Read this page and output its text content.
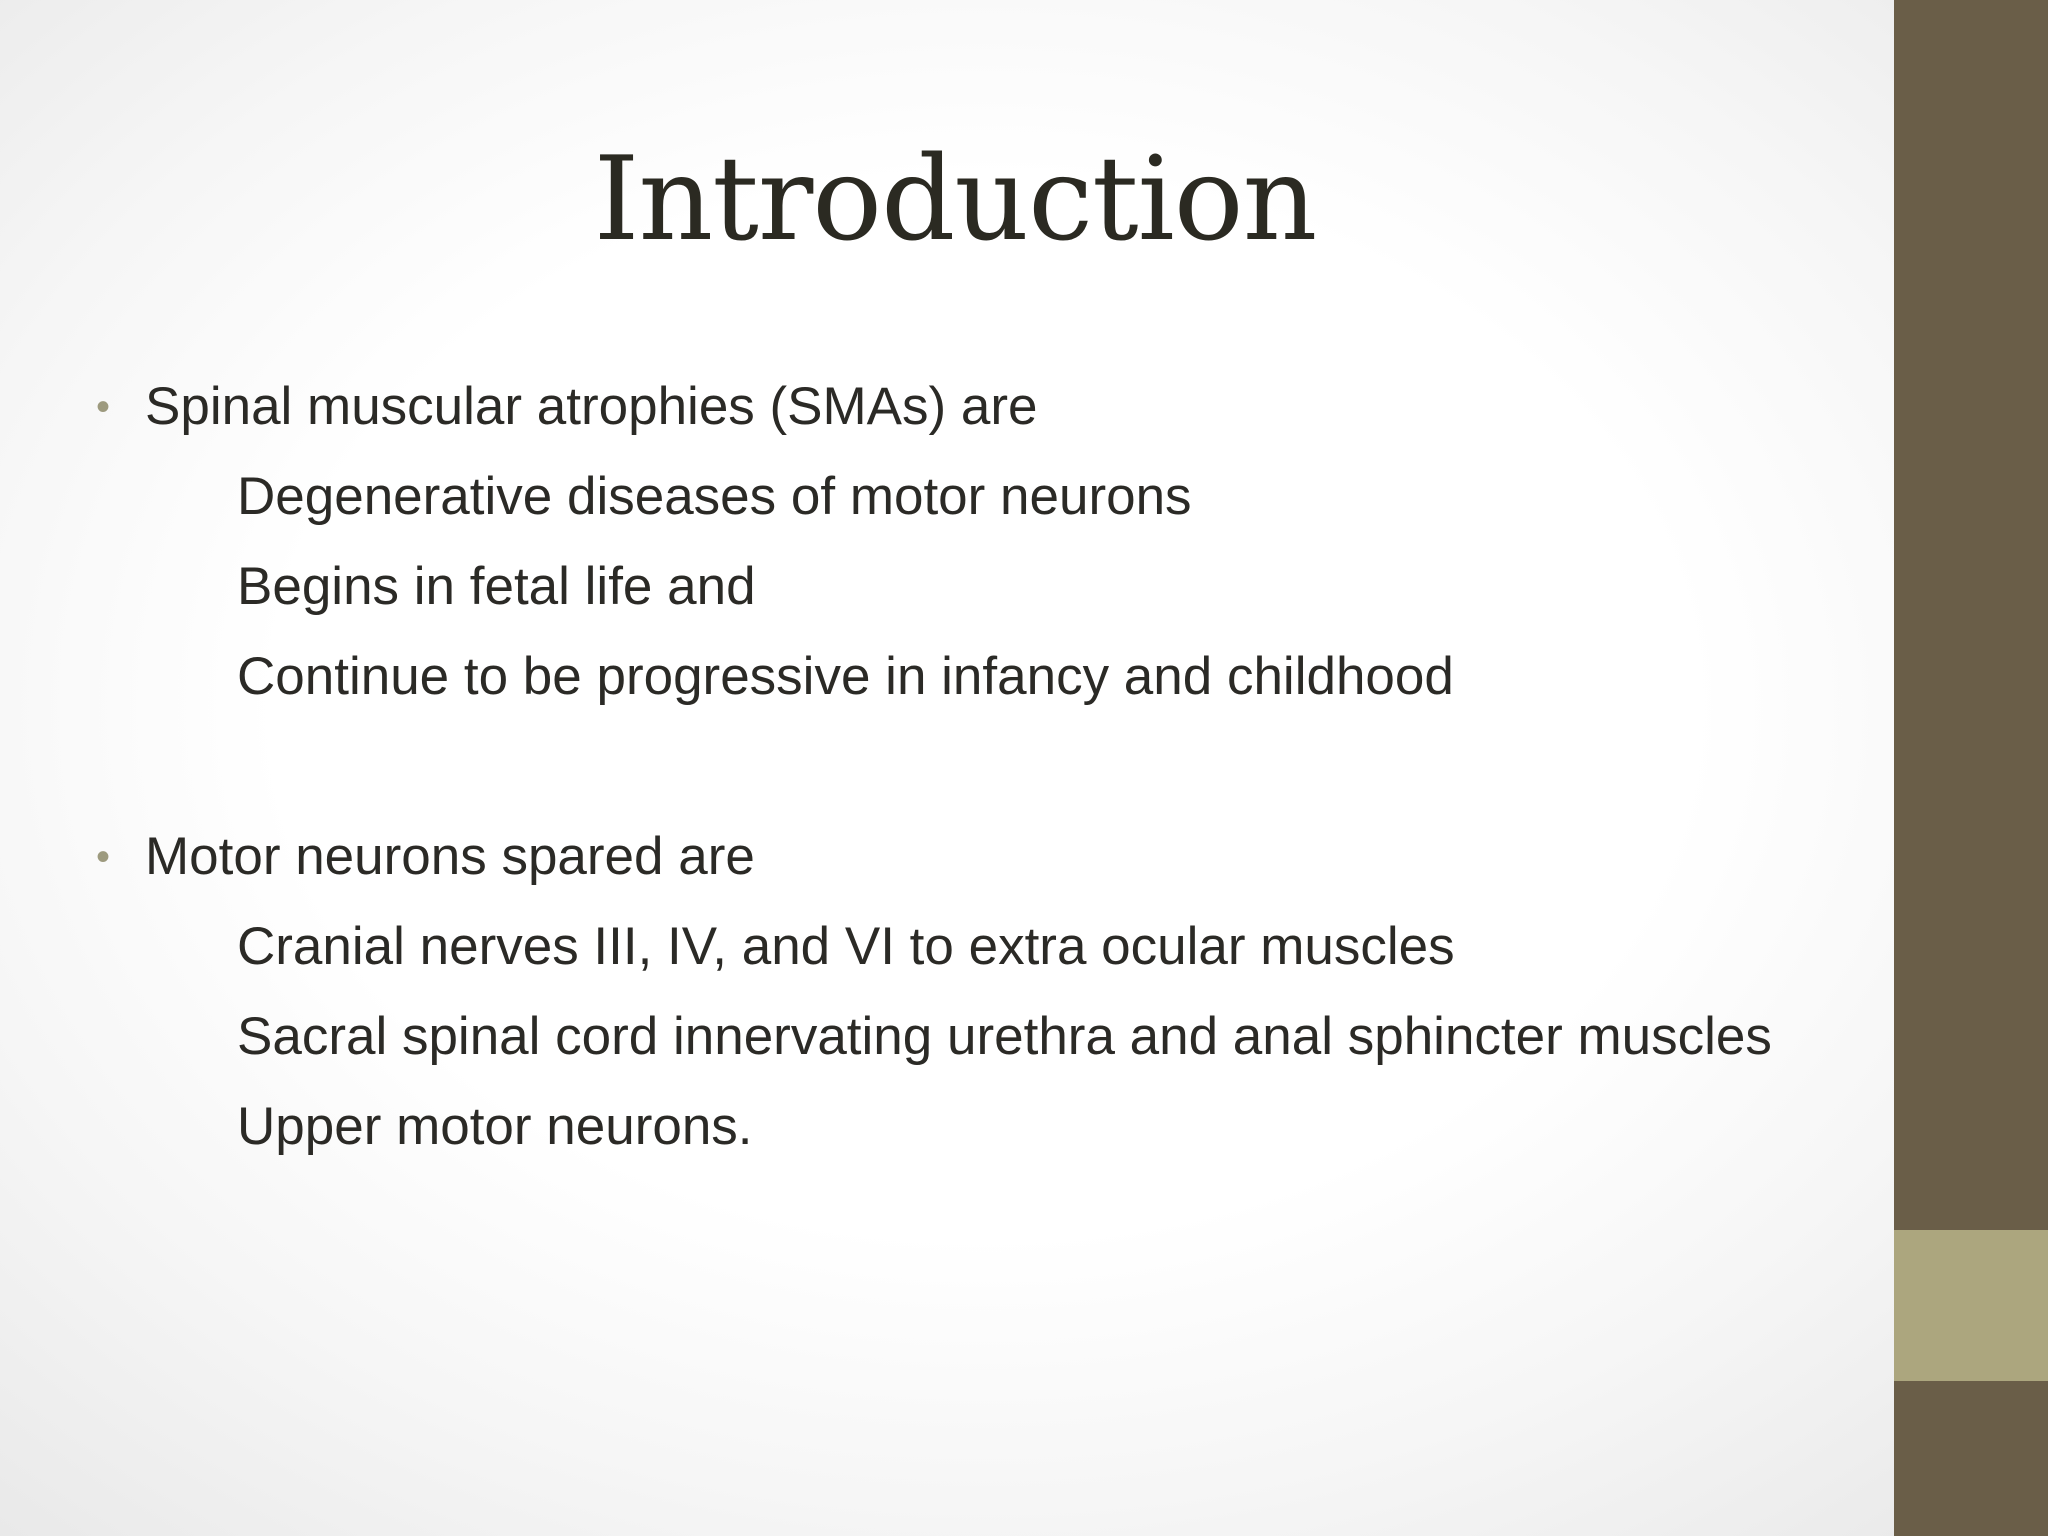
Introduction
• Spinal muscular atrophies (SMAs) are
Degenerative diseases of motor neurons
Begins in fetal life and
Continue to be progressive in infancy and childhood
• Motor neurons spared are
Cranial nerves III, IV, and VI to extra ocular muscles
Sacral spinal cord innervating urethra and anal sphincter muscles
Upper motor neurons.
